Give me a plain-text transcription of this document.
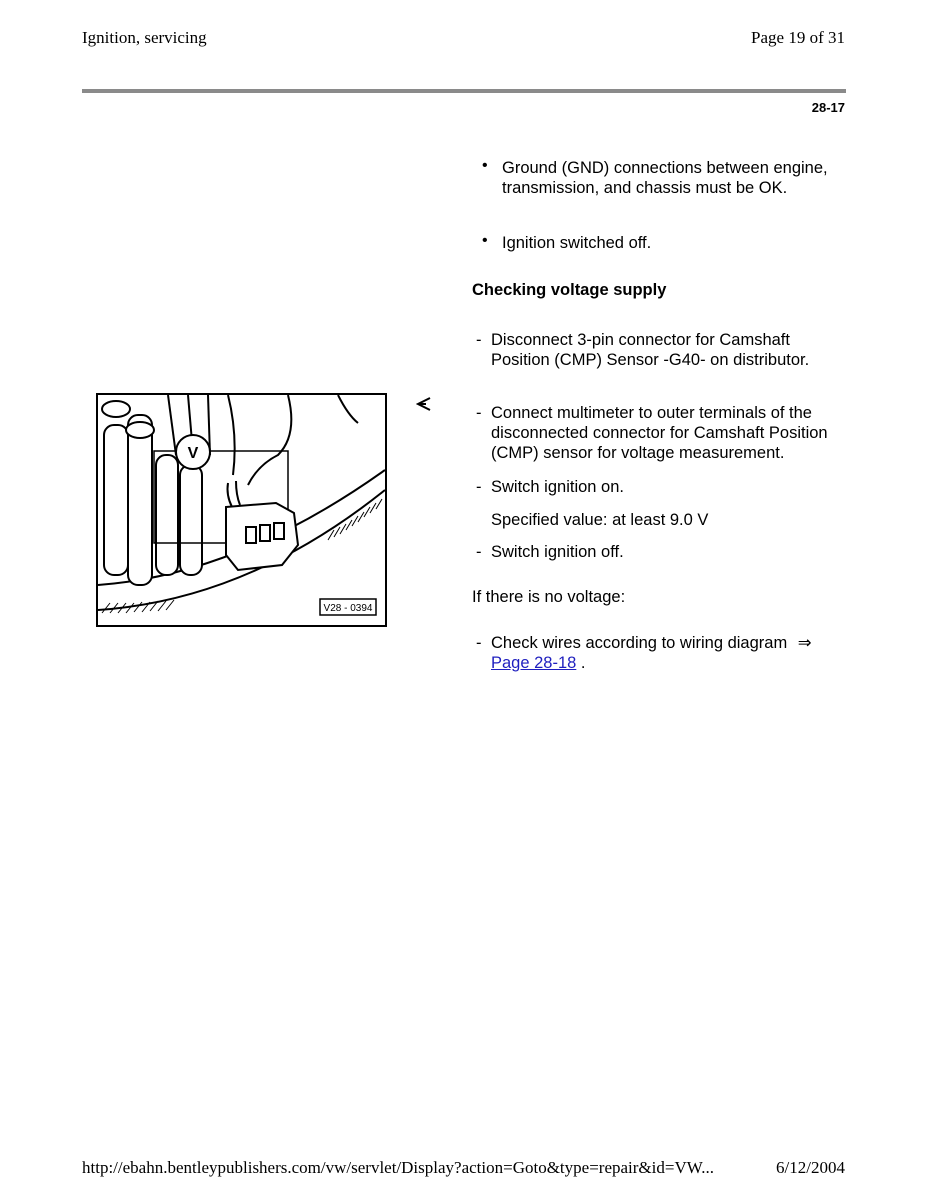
Ignition, servicing	Page 19 of 31
28-17
• Ground (GND) connections between engine,
transmission, and chassis must be OK.
• Ignition switched off.
Checking voltage supply
- Disconnect 3-pin connector for Camshaft
Position (CMP) Sensor -G40- on distributor.
- Connect multimeter to outer terminals of the
disconnected connector for Camshaft Position
(CMP) sensor for voltage measurement.
- Switch ignition on.
Specified value: at least 9.0 V
- Switch ignition off.
If there is no voltage:
- Check wires according to wiring diagram ⇒
Page 28-18 .
V
V28 - 0394
http://ebahn.bentleypublishers.com/vw/servlet/Display?action=Goto&type=repair&id=VW...	6/12/2004
